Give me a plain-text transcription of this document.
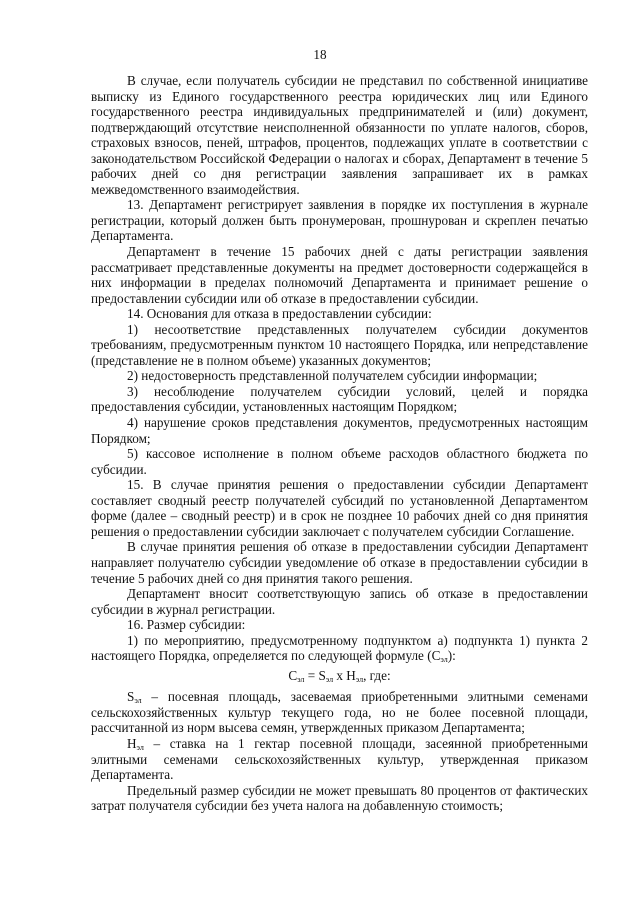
18

В случае, если получатель субсидии не представил по собственной инициативе выписку из Единого государственного реестра юридических лиц или Единого государственного реестра индивидуальных предпринимателей и (или) документ, подтверждающий отсутствие неисполненной обязанности по уплате налогов, сборов, страховых взносов, пеней, штрафов, процентов, подлежащих уплате в соответствии с законодательством Российской Федерации о налогах и сборах, Департамент в течение 5 рабочих дней со дня регистрации заявления запрашивает их в рамках межведомственного взаимодействия.

13. Департамент регистрирует заявления в порядке их поступления в журнале регистрации, который должен быть пронумерован, прошнурован и скреплен печатью Департамента.

Департамент в течение 15 рабочих дней с даты регистрации заявления рассматривает представленные документы на предмет достоверности содержащейся в них информации в пределах полномочий Департамента и принимает решение о предоставлении субсидии или об отказе в предоставлении субсидии.

14. Основания для отказа в предоставлении субсидии:

1) несоответствие представленных получателем субсидии документов требованиям, предусмотренным пунктом 10 настоящего Порядка, или непредставление (представление не в полном объеме) указанных документов;

2) недостоверность представленной получателем субсидии информации;

3) несоблюдение получателем субсидии условий, целей и порядка предоставления субсидии, установленных настоящим Порядком;

4) нарушение сроков представления документов, предусмотренных настоящим Порядком;

5) кассовое исполнение в полном объеме расходов областного бюджета по субсидии.

15. В случае принятия решения о предоставлении субсидии Департамент составляет сводный реестр получателей субсидий по установленной Департаментом форме (далее – сводный реестр) и в срок не позднее 10 рабочих дней со дня принятия решения о предоставлении субсидии заключает с получателем субсидии Соглашение.

В случае принятия решения об отказе в предоставлении субсидии Департамент направляет получателю субсидии уведомление об отказе в предоставлении субсидии в течение 5 рабочих дней со дня принятия такого решения.

Департамент вносит соответствующую запись об отказе в предоставлении субсидии в журнал регистрации.

16. Размер субсидии:

1) по мероприятию, предусмотренному подпунктом а) подпункта 1) пункта 2 настоящего Порядка, определяется по следующей формуле $(С_{эл})$:

$С_{эл} = S_{эл}$ x $Н_{эл}$, где:

$S_{эл}$ – посевная площадь, засеваемая приобретенными элитными семенами сельскохозяйственных культур текущего года, но не более посевной площади, рассчитанной из норм высева семян, утвержденных приказом Департамента;

$Н_{эл}$ – ставка на 1 гектар посевной площади, засеянной приобретенными элитными семенами сельскохозяйственных культур, утвержденная приказом Департамента.

Предельный размер субсидии не может превышать 80 процентов от фактических затрат получателя субсидии без учета налога на добавленную стоимость;
